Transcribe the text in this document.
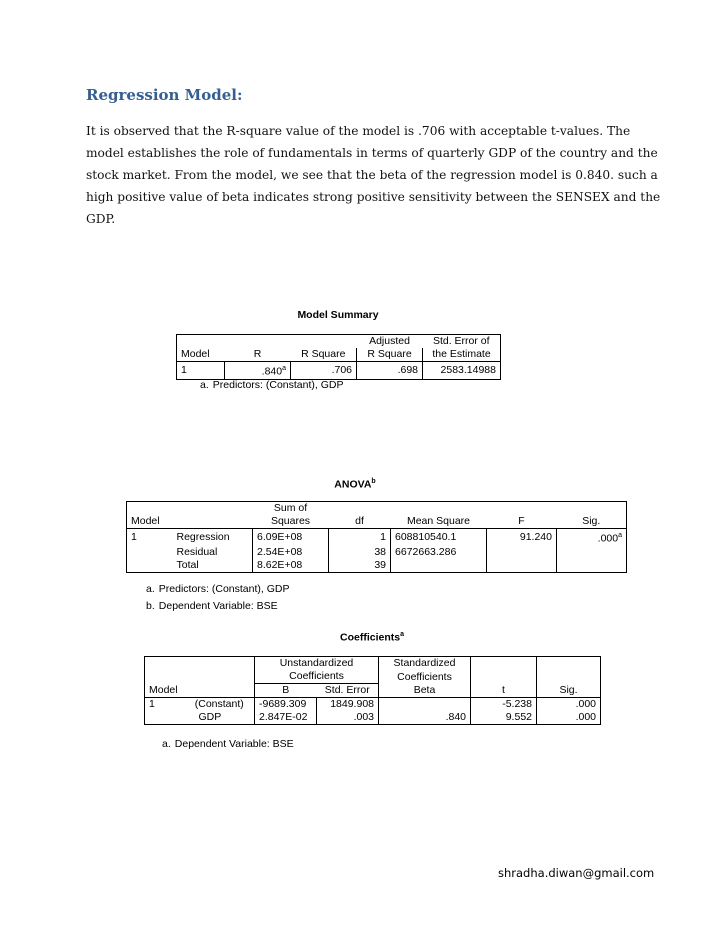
Regression Model:
It is observed that the R-square value of the model is .706 with acceptable t-values. The model establishes the role of fundamentals in terms of quarterly GDP of the country and the stock market. From the model, we see that the beta of the regression model is 0.840. such a high positive value of beta indicates strong positive sensitivity between the SENSEX and the GDP.
Model Summary
			Adjusted	Std. Error of
Model	R	R Square	R Square	the Estimate
1	.840$^a$	.706	.698	2583.14988
a. Predictors: (Constant), GDP
ANOVA$^b$
		Sum of				
Model		Squares	df	Mean Square	F	Sig.
1	Regression	6.09E+08	1	608810540.1	91.240	.000$^a$
	Residual	2.54E+08	38	6672663.286		
	Total	8.62E+08	39			
a. Predictors: (Constant), GDP
b. Dependent Variable: BSE
Coefficients$^a$
		Unstandardized		Standardized		
		Coefficients		Coefficients		
Model		B	Std. Error	Beta	t	Sig.
1	(Constant)	-9689.309	1849.908		-5.238	.000
	GDP	2.847E-02	.003	.840	9.552	.000
a. Dependent Variable: BSE
shradha.diwan@gmail.com
